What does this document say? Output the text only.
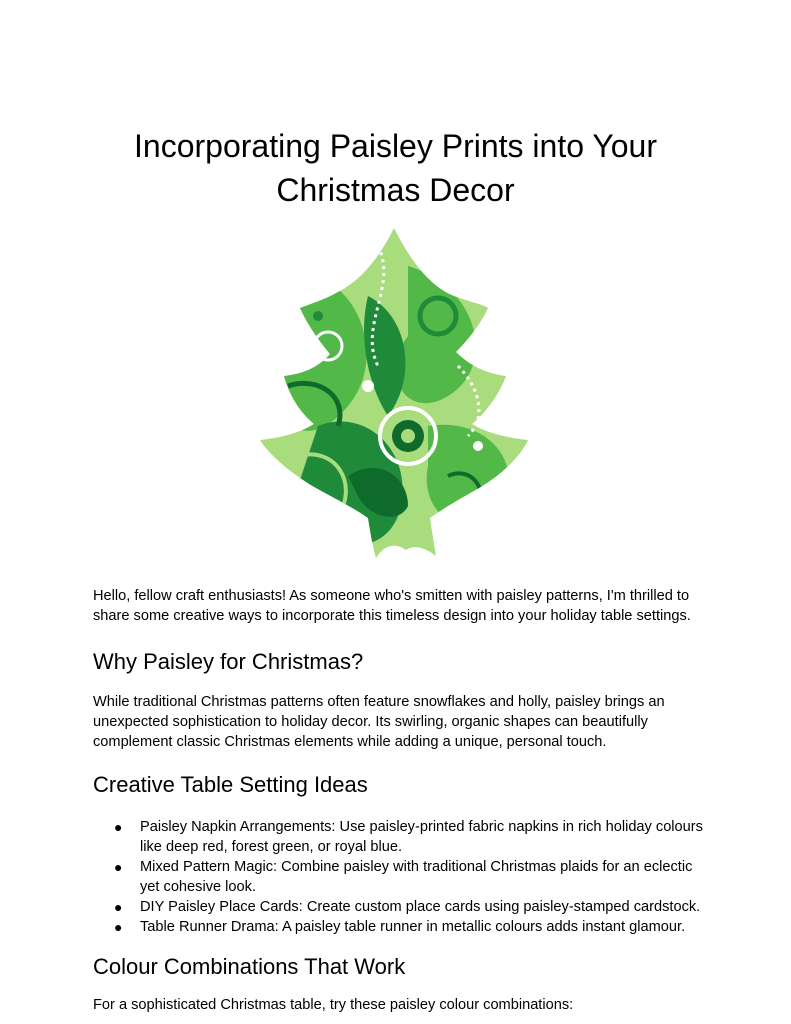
Incorporating Paisley Prints into Your Christmas Decor

Hello, fellow craft enthusiasts! As someone who's smitten with paisley patterns, I'm thrilled to share some creative ways to incorporate this timeless design into your holiday table settings.

Why Paisley for Christmas?

While traditional Christmas patterns often feature snowflakes and holly, paisley brings an unexpected sophistication to holiday decor. Its swirling, organic shapes can beautifully complement classic Christmas elements while adding a unique, personal touch.

Creative Table Setting Ideas
● Paisley Napkin Arrangements: Use paisley-printed fabric napkins in rich holiday colours like deep red, forest green, or royal blue.
● Mixed Pattern Magic: Combine paisley with traditional Christmas plaids for an eclectic yet cohesive look.
● DIY Paisley Place Cards: Create custom place cards using paisley-stamped cardstock.
● Table Runner Drama: A paisley table runner in metallic colours adds instant glamour.
Colour Combinations That Work

For a sophisticated Christmas table, try these paisley colour combinations:
